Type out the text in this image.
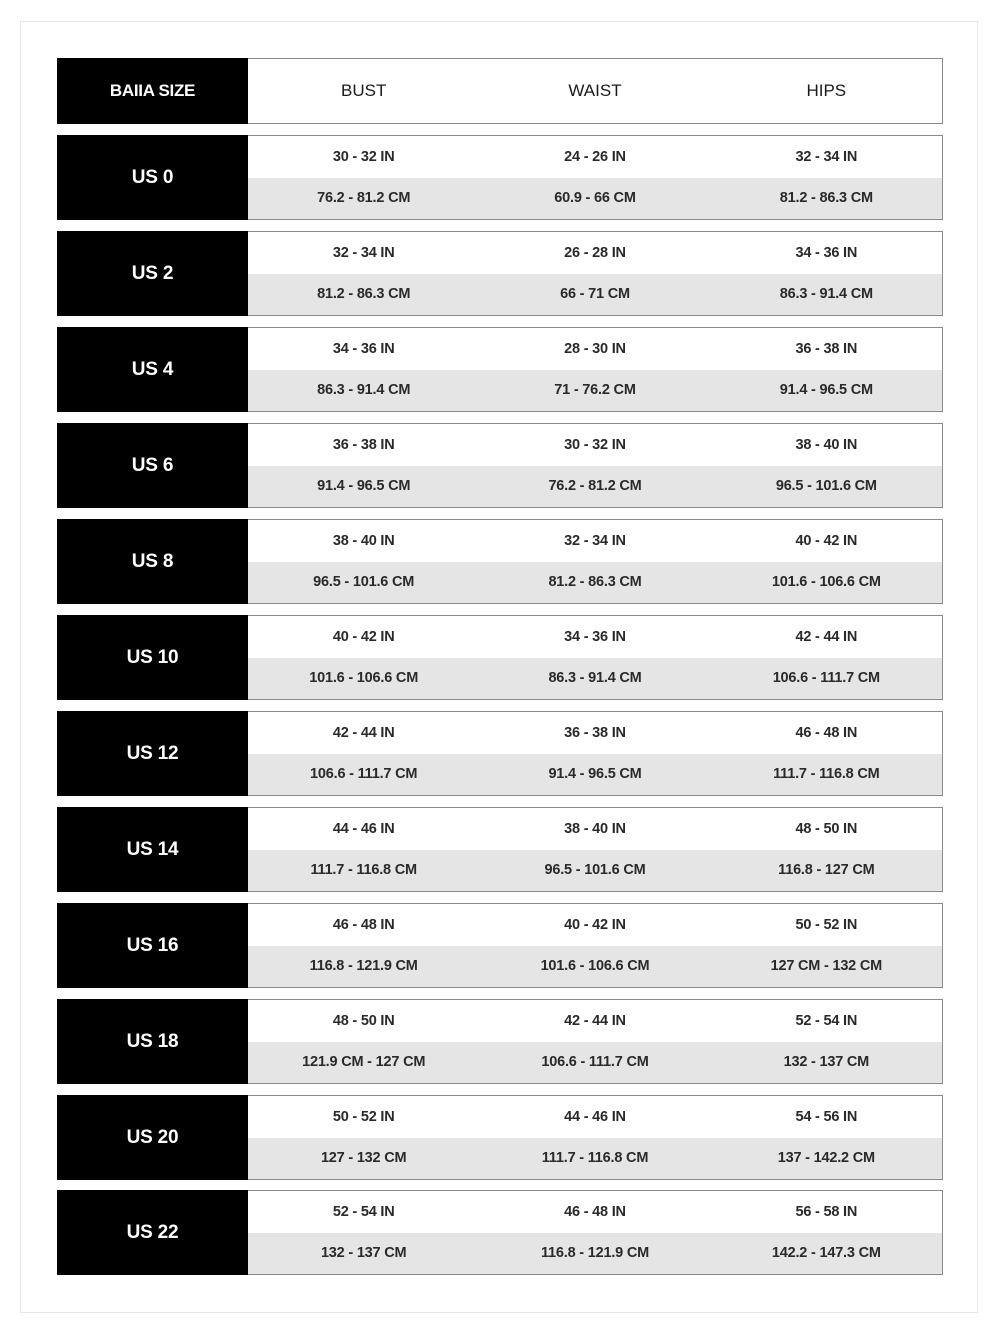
BAIIA SIZE	BUST	WAIST	HIPS
US 0
30 - 32 IN	24 - 26 IN	32 - 34 IN
76.2 - 81.2 CM	60.9 - 66 CM	81.2 - 86.3 CM
US 2
32 - 34 IN	26 - 28 IN	34 - 36 IN
81.2 - 86.3 CM	66 - 71 CM	86.3 - 91.4 CM
US 4
34 - 36 IN	28 - 30 IN	36 - 38 IN
86.3 - 91.4 CM	71 - 76.2 CM	91.4 - 96.5 CM
US 6
36 - 38 IN	30 - 32 IN	38 - 40 IN
91.4 - 96.5 CM	76.2 - 81.2 CM	96.5 - 101.6 CM
US 8
38 - 40 IN	32 - 34 IN	40 - 42 IN
96.5 - 101.6 CM	81.2 - 86.3 CM	101.6 - 106.6 CM
US 10
40 - 42 IN	34 - 36 IN	42 - 44 IN
101.6 - 106.6 CM	86.3 - 91.4 CM	106.6 - 111.7 CM
US 12
42 - 44 IN	36 - 38 IN	46 - 48 IN
106.6 - 111.7 CM	91.4 - 96.5 CM	111.7 - 116.8 CM
US 14
44 - 46 IN	38 - 40 IN	48 - 50 IN
111.7 - 116.8 CM	96.5 - 101.6 CM	116.8 - 127 CM
US 16
46 - 48 IN	40 - 42 IN	50 - 52 IN
116.8 - 121.9 CM	101.6 - 106.6 CM	127 CM - 132 CM
US 18
48 - 50 IN	42 - 44 IN	52 - 54 IN
121.9 CM - 127 CM	106.6 - 111.7 CM	132 - 137 CM
US 20
50 - 52 IN	44 - 46 IN	54 - 56 IN
127 - 132 CM	111.7 - 116.8 CM	137 - 142.2 CM
US 22
52 - 54 IN	46 - 48 IN	56 - 58 IN
132 - 137 CM	116.8 - 121.9 CM	142.2 - 147.3 CM
